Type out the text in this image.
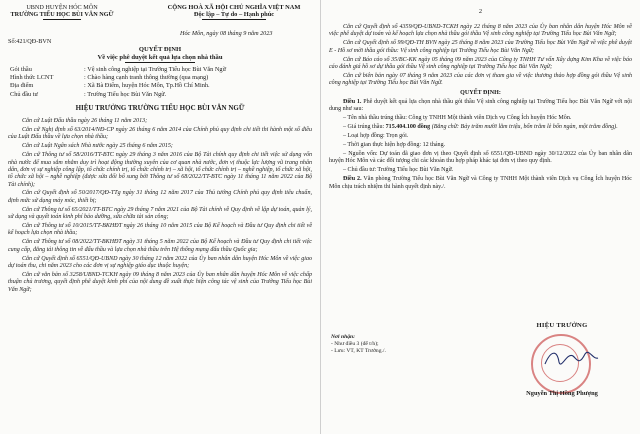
UBND HUYỆN HÓC MÔN
TRƯỜNG TIỂU HỌC BÙI VĂN NGỮ
CỘNG HOÀ XÃ HỘI CHỦ NGHĨA VIỆT NAM
Độc lập – Tự do – Hạnh phúc
Số:421/QĐ-BVN
Hóc Môn, ngày 08 tháng 9 năm 2023
QUYẾT ĐỊNH
Về việc phê duyệt kết quả lựa chọn nhà thầu
Gói thầu	: Vệ sinh công nghiệp tại Trường Tiểu học Bùi Văn Ngữ
Hình thức LCNT	: Chào hàng cạnh tranh thông thường (qua mạng)
Địa điểm	: Xã Bà Điểm, huyện Hóc Môn, Tp.Hồ Chí Minh.
Chủ đầu tư	: Trường Tiểu học Bùi Văn Ngữ.
HIỆU TRƯỞNG TRƯỜNG TIỂU HỌC BÙI VĂN NGỮ

Căn cứ Luật Đấu thầu ngày 26 tháng 11 năm 2013;

Căn cứ Nghị định số 63/2014/NĐ-CP ngày 26 tháng 6 năm 2014 của Chính phủ quy định chi tiết thi hành một số điều của Luật Đấu thầu về lựa chọn nhà thầu;

Căn cứ Luật Ngân sách Nhà nước ngày 25 tháng 6 năm 2015;

Căn cứ Thông tư số 58/2016/TT-BTC ngày 29 tháng 3 năm 2016 của Bộ Tài chính quy định chi tiết việc sử dụng vốn nhà nước để mua sắm nhằm duy trì hoạt động thường xuyên của cơ quan nhà nước, đơn vị thuộc lực lượng vũ trang nhân dân, đơn vị sự nghiệp công lập, tổ chức chính trị, tổ chức chính trị – xã hội, tổ chức chính trị – nghề nghiệp, tổ chức xã hội, tổ chức xã hội – nghề nghiệp (được sửa đổi bổ sung bởi Thông tư số 68/2022/TT-BTC ngày 11 tháng 11 năm 2022 của Bộ Tài chính);

Căn cứ Quyết định số 50/2017/QĐ-TTg ngày 31 tháng 12 năm 2017 của Thủ tướng Chính phủ quy định tiêu chuẩn, định mức sử dụng máy móc, thiết bị;

Căn cứ Thông tư số 65/2021/TT-BTC ngày 29 tháng 7 năm 2021 của Bộ Tài chính về Quy định về lập dự toán, quản lý, sử dụng và quyết toán kinh phí bảo dưỡng, sửa chữa tài sản công;

Căn cứ Thông tư số 10/2015/TT-BKHĐT ngày 26 tháng 10 năm 2015 của Bộ Kế hoạch và Đầu tư Quy định chi tiết về kế hoạch lựa chọn nhà thầu;

Căn cứ Thông tư số 08/2022/TT-BKHĐT ngày 31 tháng 5 năm 2022 của Bộ Kế hoạch và Đầu tư Quy định chi tiết việc cung cấp, đăng tải thông tin về đấu thầu và lựa chọn nhà thầu trên Hệ thống mạng đấu thầu Quốc gia;

Căn cứ Quyết định số 6551/QĐ-UBND ngày 30 tháng 12 năm 2022 của Ủy ban nhân dân huyện Hóc Môn về việc giao dự toán thu, chi năm 2023 cho các đơn vị sự nghiệp giáo dục thuộc huyện;

Căn cứ văn bản số 3258/UBND-TCKH ngày 09 tháng 8 năm 2023 của Ủy ban nhân dân huyện Hóc Môn về việc chấp thuận chủ trương, quyết định phê duyệt kinh phí của nội dung đề xuất thực hiện công tác vệ sinh của Trường Tiểu học Bùi Văn Ngữ;

2

Căn cứ Quyết định số 4359/QĐ-UBND-TCKH ngày 22 tháng 8 năm 2023 của Ủy ban nhân dân huyện Hóc Môn về việc phê duyệt dự toán và kế hoạch lựa chọn nhà thầu gói thầu Vệ sinh công nghiệp tại Trường Tiểu học Bùi Văn Ngữ;

Căn cứ Quyết định số 99/QĐ-TH BVN ngày 25 tháng 8 năm 2023 của Trường Tiểu học Bùi Văn Ngữ về việc phê duyệt E - Hồ sơ mời thầu gói thầu: Vệ sinh công nghiệp tại Trường Tiểu học Bùi Văn Ngữ;

Căn cứ Báo cáo số 35/BC-KK ngày 05 tháng 09 năm 2023 của Công ty TNHH Tư vấn Xây dựng Kim Kha về việc báo cáo đánh giá hồ sơ dự thầu gói thầu Vệ sinh công nghiệp tại Trường Tiểu học Bùi Văn Ngữ;

Căn cứ biên bản ngày 07 tháng 9 năm 2023 của các đơn vị tham gia về việc thương thảo hợp đồng gói thầu Vệ sinh công nghiệp tại Trường Tiểu học Bùi Văn Ngữ.

QUYẾT ĐỊNH:

Điều 1. Phê duyệt kết quả lựa chọn nhà thầu gói thầu Vệ sinh công nghiệp tại Trường Tiểu học Bùi Văn Ngữ với nội dung như sau:

– Tên nhà thầu trúng thầu: Công ty TNHH Một thành viên Dịch vụ Công Ích huyện Hóc Môn.

– Giá trúng thầu: 715.404.100 đồng (Bằng chữ: Bảy trăm mười lăm triệu, bốn trăm lẻ bốn ngàn, một trăm đồng).

– Loại hợp đồng: Trọn gói.

– Thời gian thực hiện hợp đồng: 12 tháng.

– Nguồn vốn: Dự toán đã giao đơn vị theo Quyết định số 6551/QĐ-UBND ngày 30/12/2022 của Ủy ban nhân dân huyện Hóc Môn và các đối tượng chi các khoản thu hợp pháp khác tại đơn vị theo quy định.

– Chủ đầu tư: Trường Tiểu học Bùi Văn Ngữ.

Điều 2. Văn phòng Trường Tiểu học Bùi Văn Ngữ và Công ty TNHH Một thành viên Dịch vụ Công Ích huyện Hóc Môn chịu trách nhiệm thi hành quyết định này./.

Nơi nhận:
- Như điều 3 (để t/h);
- Lưu: VT, KT Trưởng./.
HIỆU TRƯỞNG
Nguyễn Thị Hồng Phượng
